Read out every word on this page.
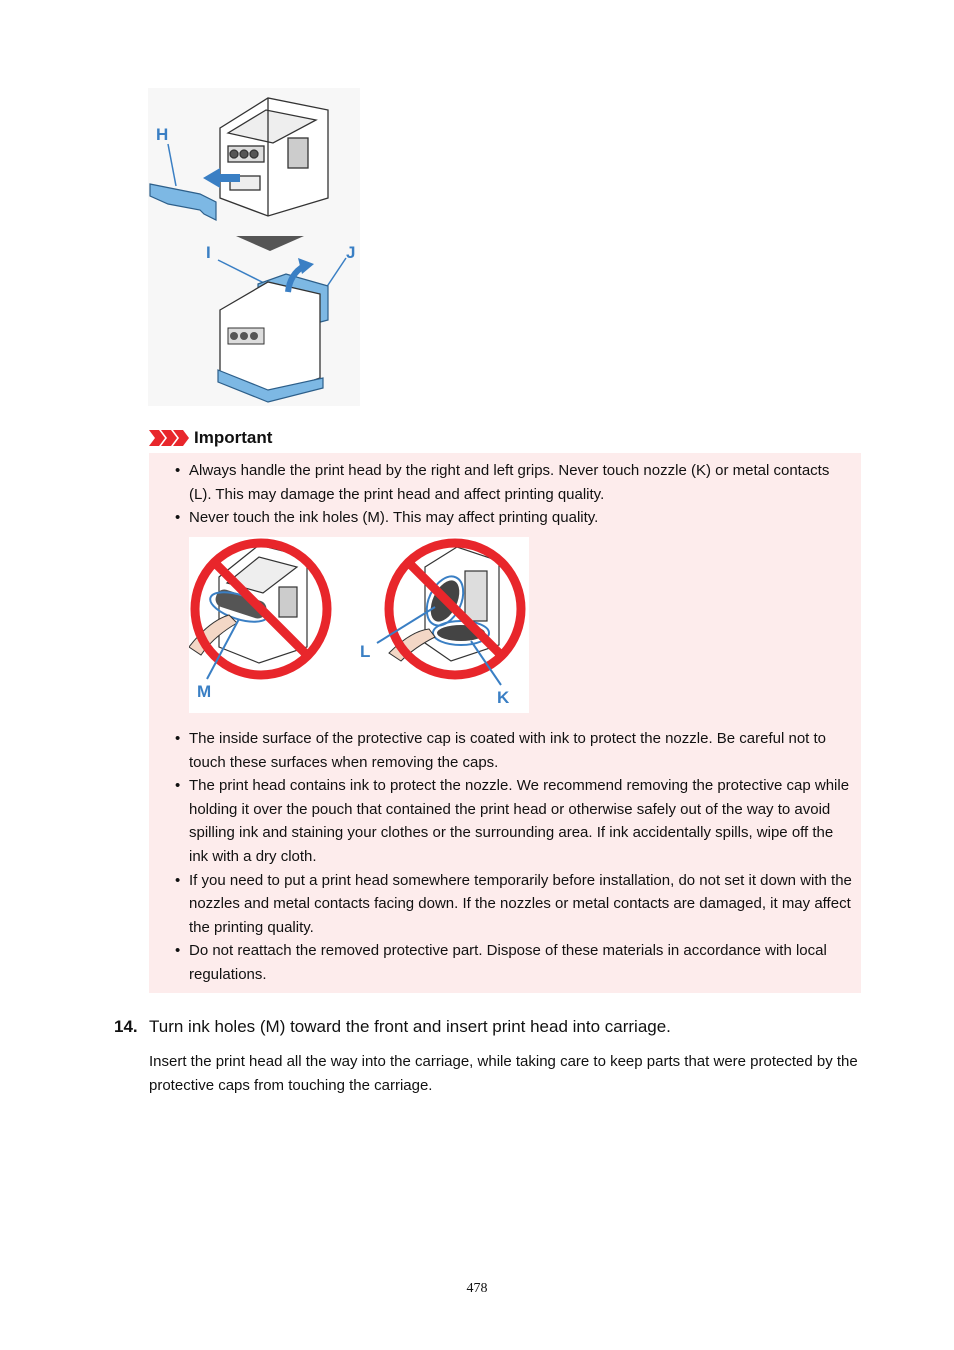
H
I	J
Important
• Always handle the print head by the right and left grips. Never touch nozzle (K) or metal contacts (L). This may damage the print head and affect printing quality.
• Never touch the ink holes (M). This may affect printing quality.
M
L
K
• The inside surface of the protective cap is coated with ink to protect the nozzle. Be careful not to touch these surfaces when removing the caps.
• The print head contains ink to protect the nozzle. We recommend removing the protective cap while holding it over the pouch that contained the print head or otherwise safely out of the way to avoid spilling ink and staining your clothes or the surrounding area. If ink accidentally spills, wipe off the ink with a dry cloth.
• If you need to put a print head somewhere temporarily before installation, do not set it down with the nozzles and metal contacts facing down. If the nozzles or metal contacts are damaged, it may affect the printing quality.
• Do not reattach the removed protective part. Dispose of these materials in accordance with local regulations.
14. Turn ink holes (M) toward the front and insert print head into carriage.
Insert the print head all the way into the carriage, while taking care to keep parts that were protected by the protective caps from touching the carriage.
478
